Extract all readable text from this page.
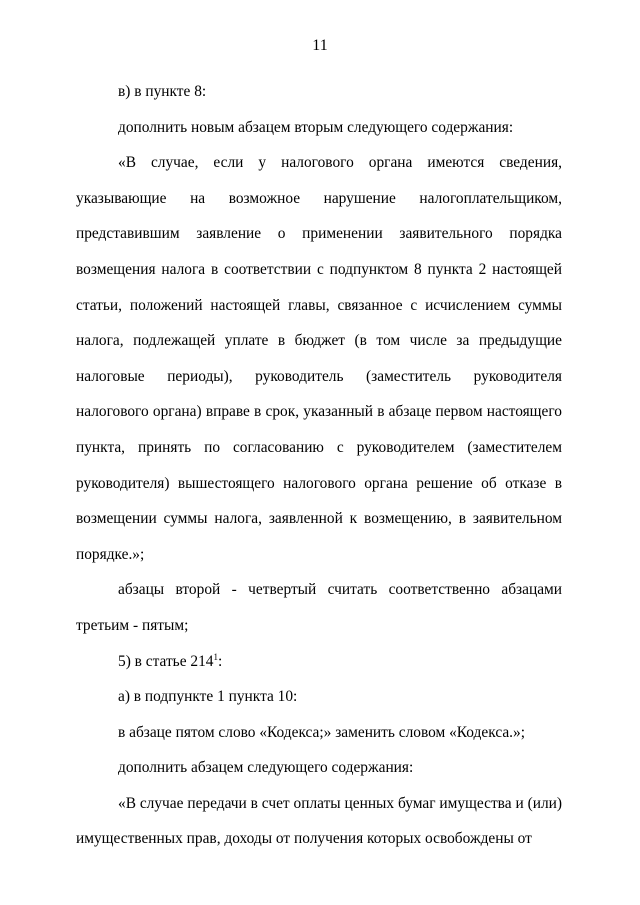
11

в) в пункте 8:

дополнить новым абзацем вторым следующего содержания:

«В случае, если у налогового органа имеются сведения, указывающие на возможное нарушение налогоплательщиком, представившим заявление о применении заявительного порядка возмещения налога в соответствии с подпунктом 8 пункта 2 настоящей статьи, положений настоящей главы, связанное с исчислением суммы налога, подлежащей уплате в бюджет (в том числе за предыдущие налоговые периоды), руководитель (заместитель руководителя налогового органа) вправе в срок, указанный в абзаце первом настоящего пункта, принять по согласованию с руководителем (заместителем руководителя) вышестоящего налогового органа решение об отказе в возмещении суммы налога, заявленной к возмещению, в заявительном порядке.»;

абзацы второй - четвертый считать соответственно абзацами третьим - пятым;

5) в статье $214^1$:

а) в подпункте 1 пункта 10:

в абзаце пятом слово «Кодекса;» заменить словом «Кодекса.»;

дополнить абзацем следующего содержания:

«В случае передачи в счет оплаты ценных бумаг имущества и (или) имущественных прав, доходы от получения которых освобождены от
